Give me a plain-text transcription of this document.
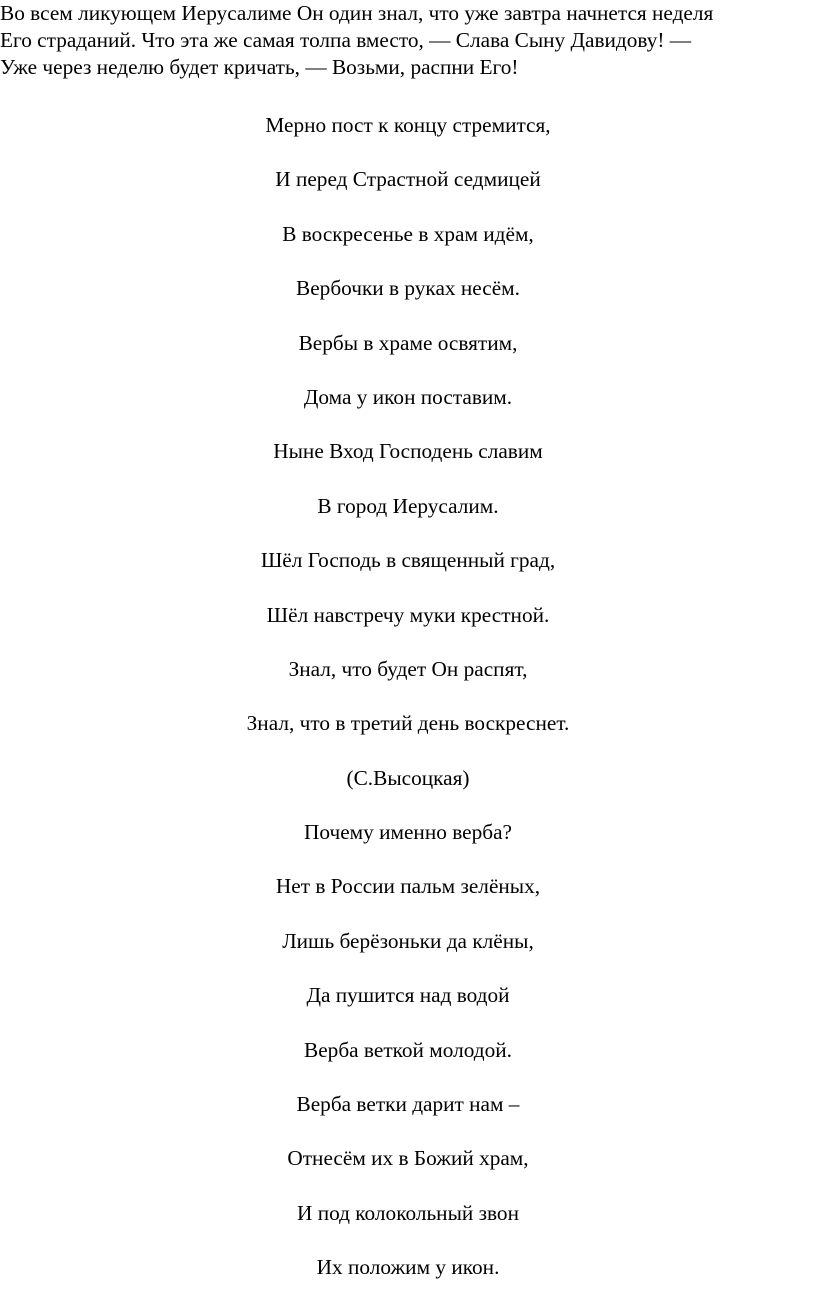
Во всем ликующем Иерусалиме Он один знал, что уже завтра начнется неделя
Его страданий. Что эта же самая толпа вместо, — Слава Сыну Давидову! —
Уже через неделю будет кричать, — Возьми, распни Его!

Мерно пост к концу стремится,

И перед Страстной седмицей

В воскресенье в храм идём,

Вербочки в руках несём.

Вербы в храме освятим,

Дома у икон поставим.

Ныне Вход Господень славим

В город Иерусалим.

Шёл Господь в священный град,

Шёл навстречу муки крестной.

Знал, что будет Он распят,

Знал, что в третий день воскреснет.

(С.Высоцкая)

Почему именно верба?

Нет в России пальм зелёных,

Лишь берёзоньки да клёны,

Да пушится над водой

Верба веткой молодой.

Верба ветки дарит нам –

Отнесём их в Божий храм,

И под колокольный звон

Их положим у икон.
